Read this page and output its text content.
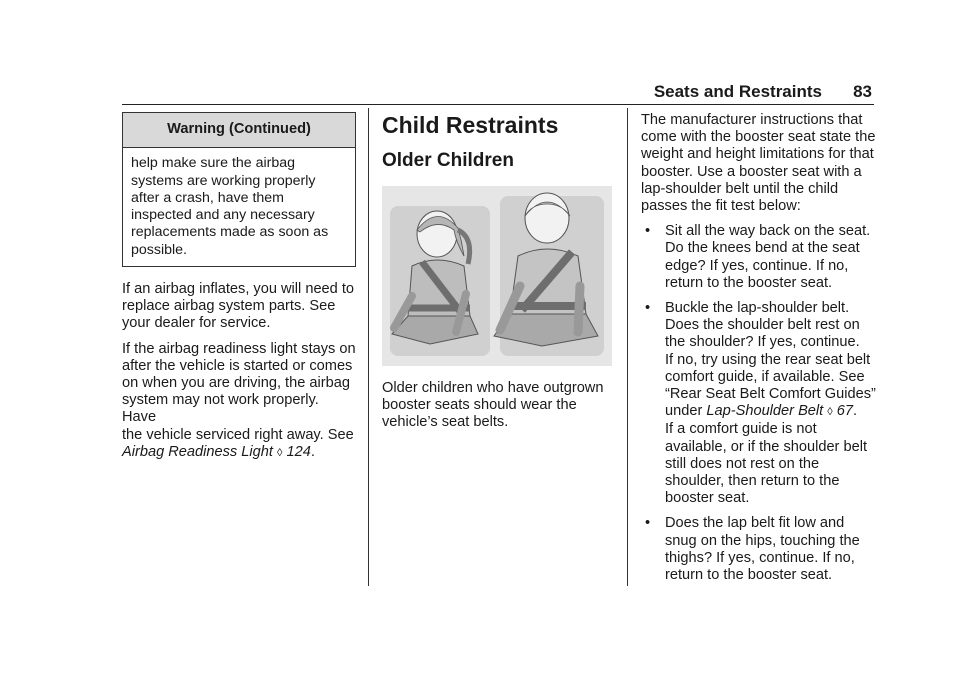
Seats and Restraints 83
Warning (Continued)
help make sure the airbag
systems are working properly
after a crash, have them
inspected and any necessary
replacements made as soon as
possible.

If an airbag inflates, you will need to
replace airbag system parts. See
your dealer for service.

If the airbag readiness light stays on
after the vehicle is started or comes
on when you are driving, the airbag
system may not work properly. Have
the vehicle serviced right away. See
Airbag Readiness Light ◊ 124.

Child Restraints
Older Children

Older children who have outgrown
booster seats should wear the
vehicle’s seat belts.

The manufacturer instructions that
come with the booster seat state the
weight and height limitations for that
booster. Use a booster seat with a
lap-shoulder belt until the child
passes the fit test below:

• Sit all the way back on the seat.
Do the knees bend at the seat
edge? If yes, continue. If no,
return to the booster seat.
• Buckle the lap-shoulder belt.
Does the shoulder belt rest on
the shoulder? If yes, continue.
If no, try using the rear seat belt
comfort guide, if available. See
“Rear Seat Belt Comfort Guides”
under Lap-Shoulder Belt ◊ 67.
If a comfort guide is not
available, or if the shoulder belt
still does not rest on the
shoulder, then return to the
booster seat.
• Does the lap belt fit low and
snug on the hips, touching the
thighs? If yes, continue. If no,
return to the booster seat.
